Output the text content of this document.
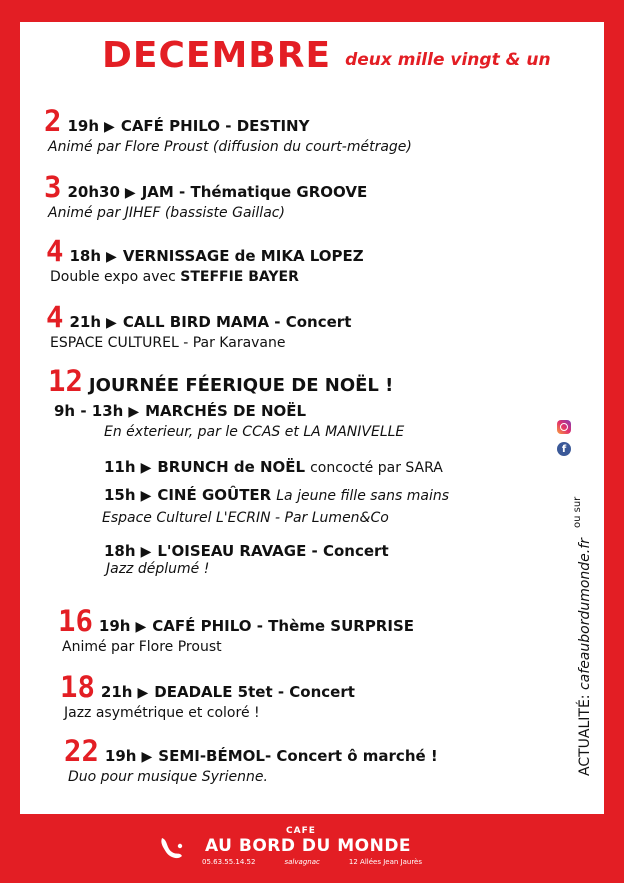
DECEMBRE deux mille vingt & un
2 19h ▶ CAFÉ PHILO - DESTINY
Animé par Flore Proust (diffusion du court-métrage)
3 20h30 ▶ JAM - Thématique GROOVE
Animé par JIHEF (bassiste Gaillac)
4 18h ▶ VERNISSAGE de MIKA LOPEZ
Double expo avec STEFFIE BAYER
4 21h ▶ CALL BIRD MAMA - Concert
ESPACE CULTUREL - Par Karavane
12 JOURNÉE FÉERIQUE DE NOËL !
9h - 13h ▶ MARCHÉS DE NOËL
En éxterieur, par le CCAS et LA MANIVELLE
11h ▶ BRUNCH de NOËL concocté par SARA
15h ▶ CINÉ GOÛTER La jeune fille sans mains
Espace Culturel L'ECRIN - Par Lumen&Co
18h ▶ L'OISEAU RAVAGE - Concert
Jazz déplumé !
16 19h ▶ CAFÉ PHILO - Thème SURPRISE
Animé par Flore Proust
18 21h ▶ DEADALE 5tet - Concert
Jazz asymétrique et coloré !
22 19h ▶ SEMI-BÉMOL- Concert ô marché !
Duo pour musique Syrienne.
f
ou sur
ACTUALITÉ: cafeaubordumonde.fr
CAFE
AU BORD DU MONDE
05.63.55.14.52	salvagnac	12 Allées Jean Jaurès
